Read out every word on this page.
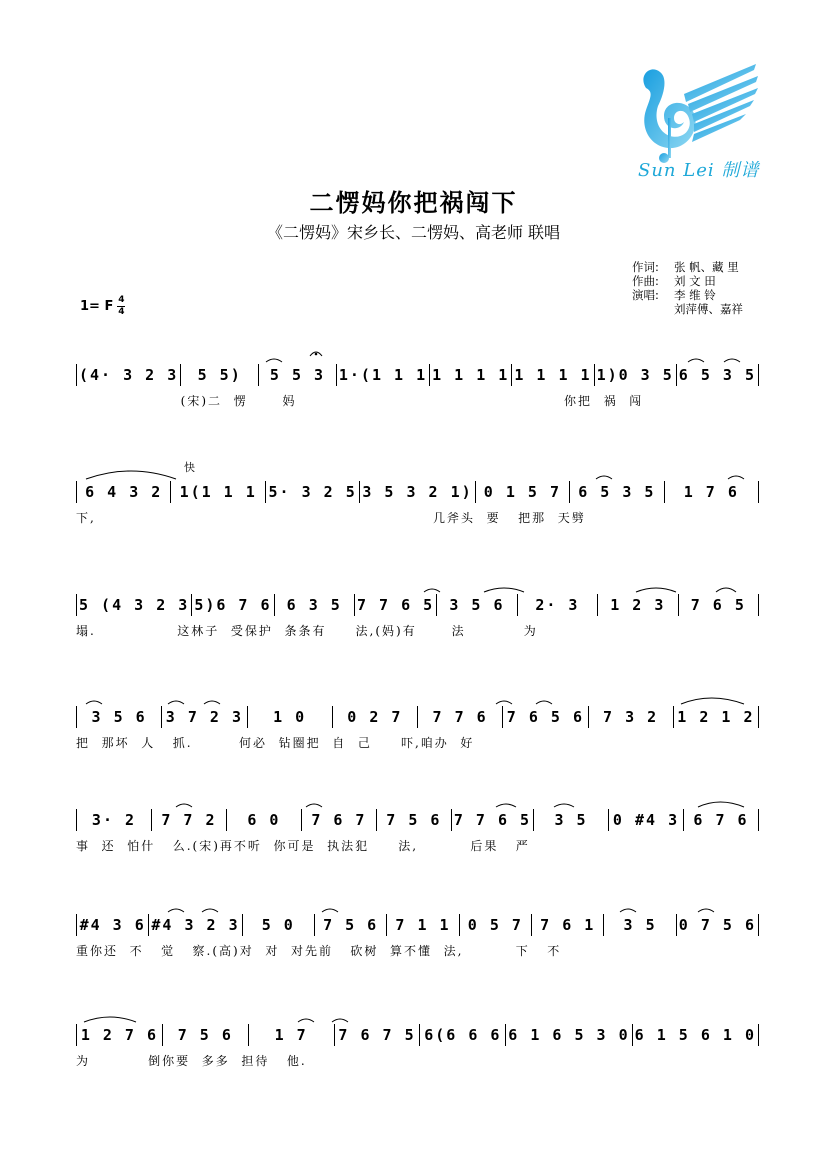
Sun Lei 制谱
二愣妈你把祸闯下
《二愣妈》宋乡长、二愣妈、高老师 联唱
作词:	张 帆、藏 里
作曲:	刘 文 田
演唱:	李 维 铃
刘萍傅、嘉祥
1= F 4
4
(4· 3 2 3	5 5)	5 5 3 1·(1 1 1 1 1 1 1 1 1 1 1 1)0 3 5 6 5 3 5
(宋)二  愣      妈                                              你把  祸  闯
快
6 4 3 2	1(1 1 1 5· 3 2 5 3 5 3 2 1) 0 1 5 7	6 5 3 5	1 7 6
下,                                                          几斧头  要   把那  天劈
5 (4 3 2 3 5)6 7 6	6 3 5	7 7 6 5	3 5 6	2· 3	1 2 3	7 6 5
塌.              这林子  受保护  条条有     法,(妈)有      法          为
3 5 6	3 7 2 3	1 0	0 2 7	7 7 6	7 6 5 6	7 3 2	1 2 1 2
把  那坏  人   抓.        何必  钻圈把  自  己     吓,咱办  好
3· 2	7 7 2	6 0	7 6 7	7 5 6 7 7 6 5	3 5	0 #4 3 6 7 6
事  还  怕什   么.(宋)再不听  你可是  执法犯     法,         后果   严
#4 3 6 #4 3 2 3	5 0	7 5 6	7 1 1	0 5 7	7 6 1	3 5	0 7 5 6
重你还  不   觉   察.(高)对  对  对先前   砍树  算不懂  法,         下   不
1 2 7 6	7 5 6	1 7	7 6 7 5 6(6 6 6 6 1 6 5 3 0 6 1 5 6 1 0
为          倒你要  多多  担待   他.
